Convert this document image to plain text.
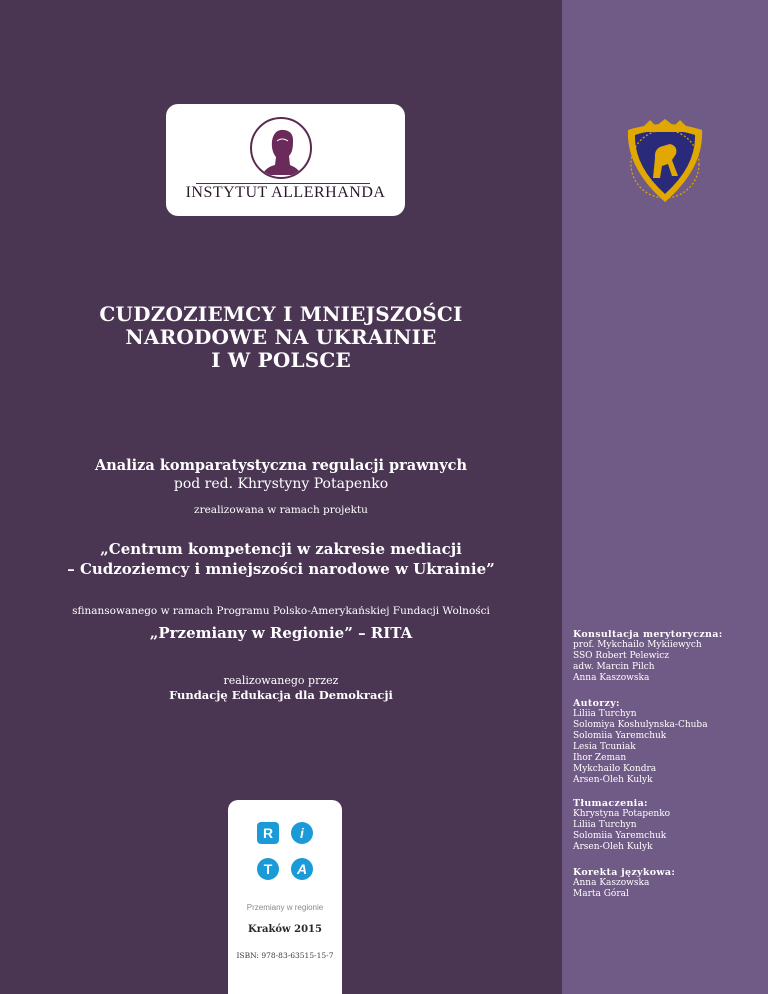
INSTYTUT ALLERHANDA
CUDZOZIEMCY I MNIEJSZOŚCI
NARODOWE NA UKRAINIE
I W POLSCE
Analiza komparatystyczna regulacji prawnych
pod red. Khrystyny Potapenko
zrealizowana w ramach projektu
„Centrum kompetencji w zakresie mediacji
– Cudzoziemcy i mniejszości narodowe w Ukrainie”
sfinansowanego w ramach Programu Polsko-Amerykańskiej Fundacji Wolności
„Przemiany w Regionie” – RITA
realizowanego przez
Fundację Edukacja dla Demokracji
R	i
T	A
Przemiany w regionie
Kraków 2015
ISBN: 978-83-63515-15-7
Konsultacja merytoryczna:
prof. Mykchailo Mykiiewych
SSO Robert Pelewicz
adw. Marcin Pilch
Anna Kaszowska
Autorzy:
Liliia Turchyn
Solomiya Koshulynska-Chuba
Solomiia Yaremchuk
Lesia Tcuniak
Ihor Zeman
Mykchailo Kondra
Arsen-Oleh Kulyk
Tłumaczenia:
Khrystyna Potapenko
Liliia Turchyn
Solomiia Yaremchuk
Arsen-Oleh Kulyk
Korekta językowa:
Anna Kaszowska
Marta Góral
